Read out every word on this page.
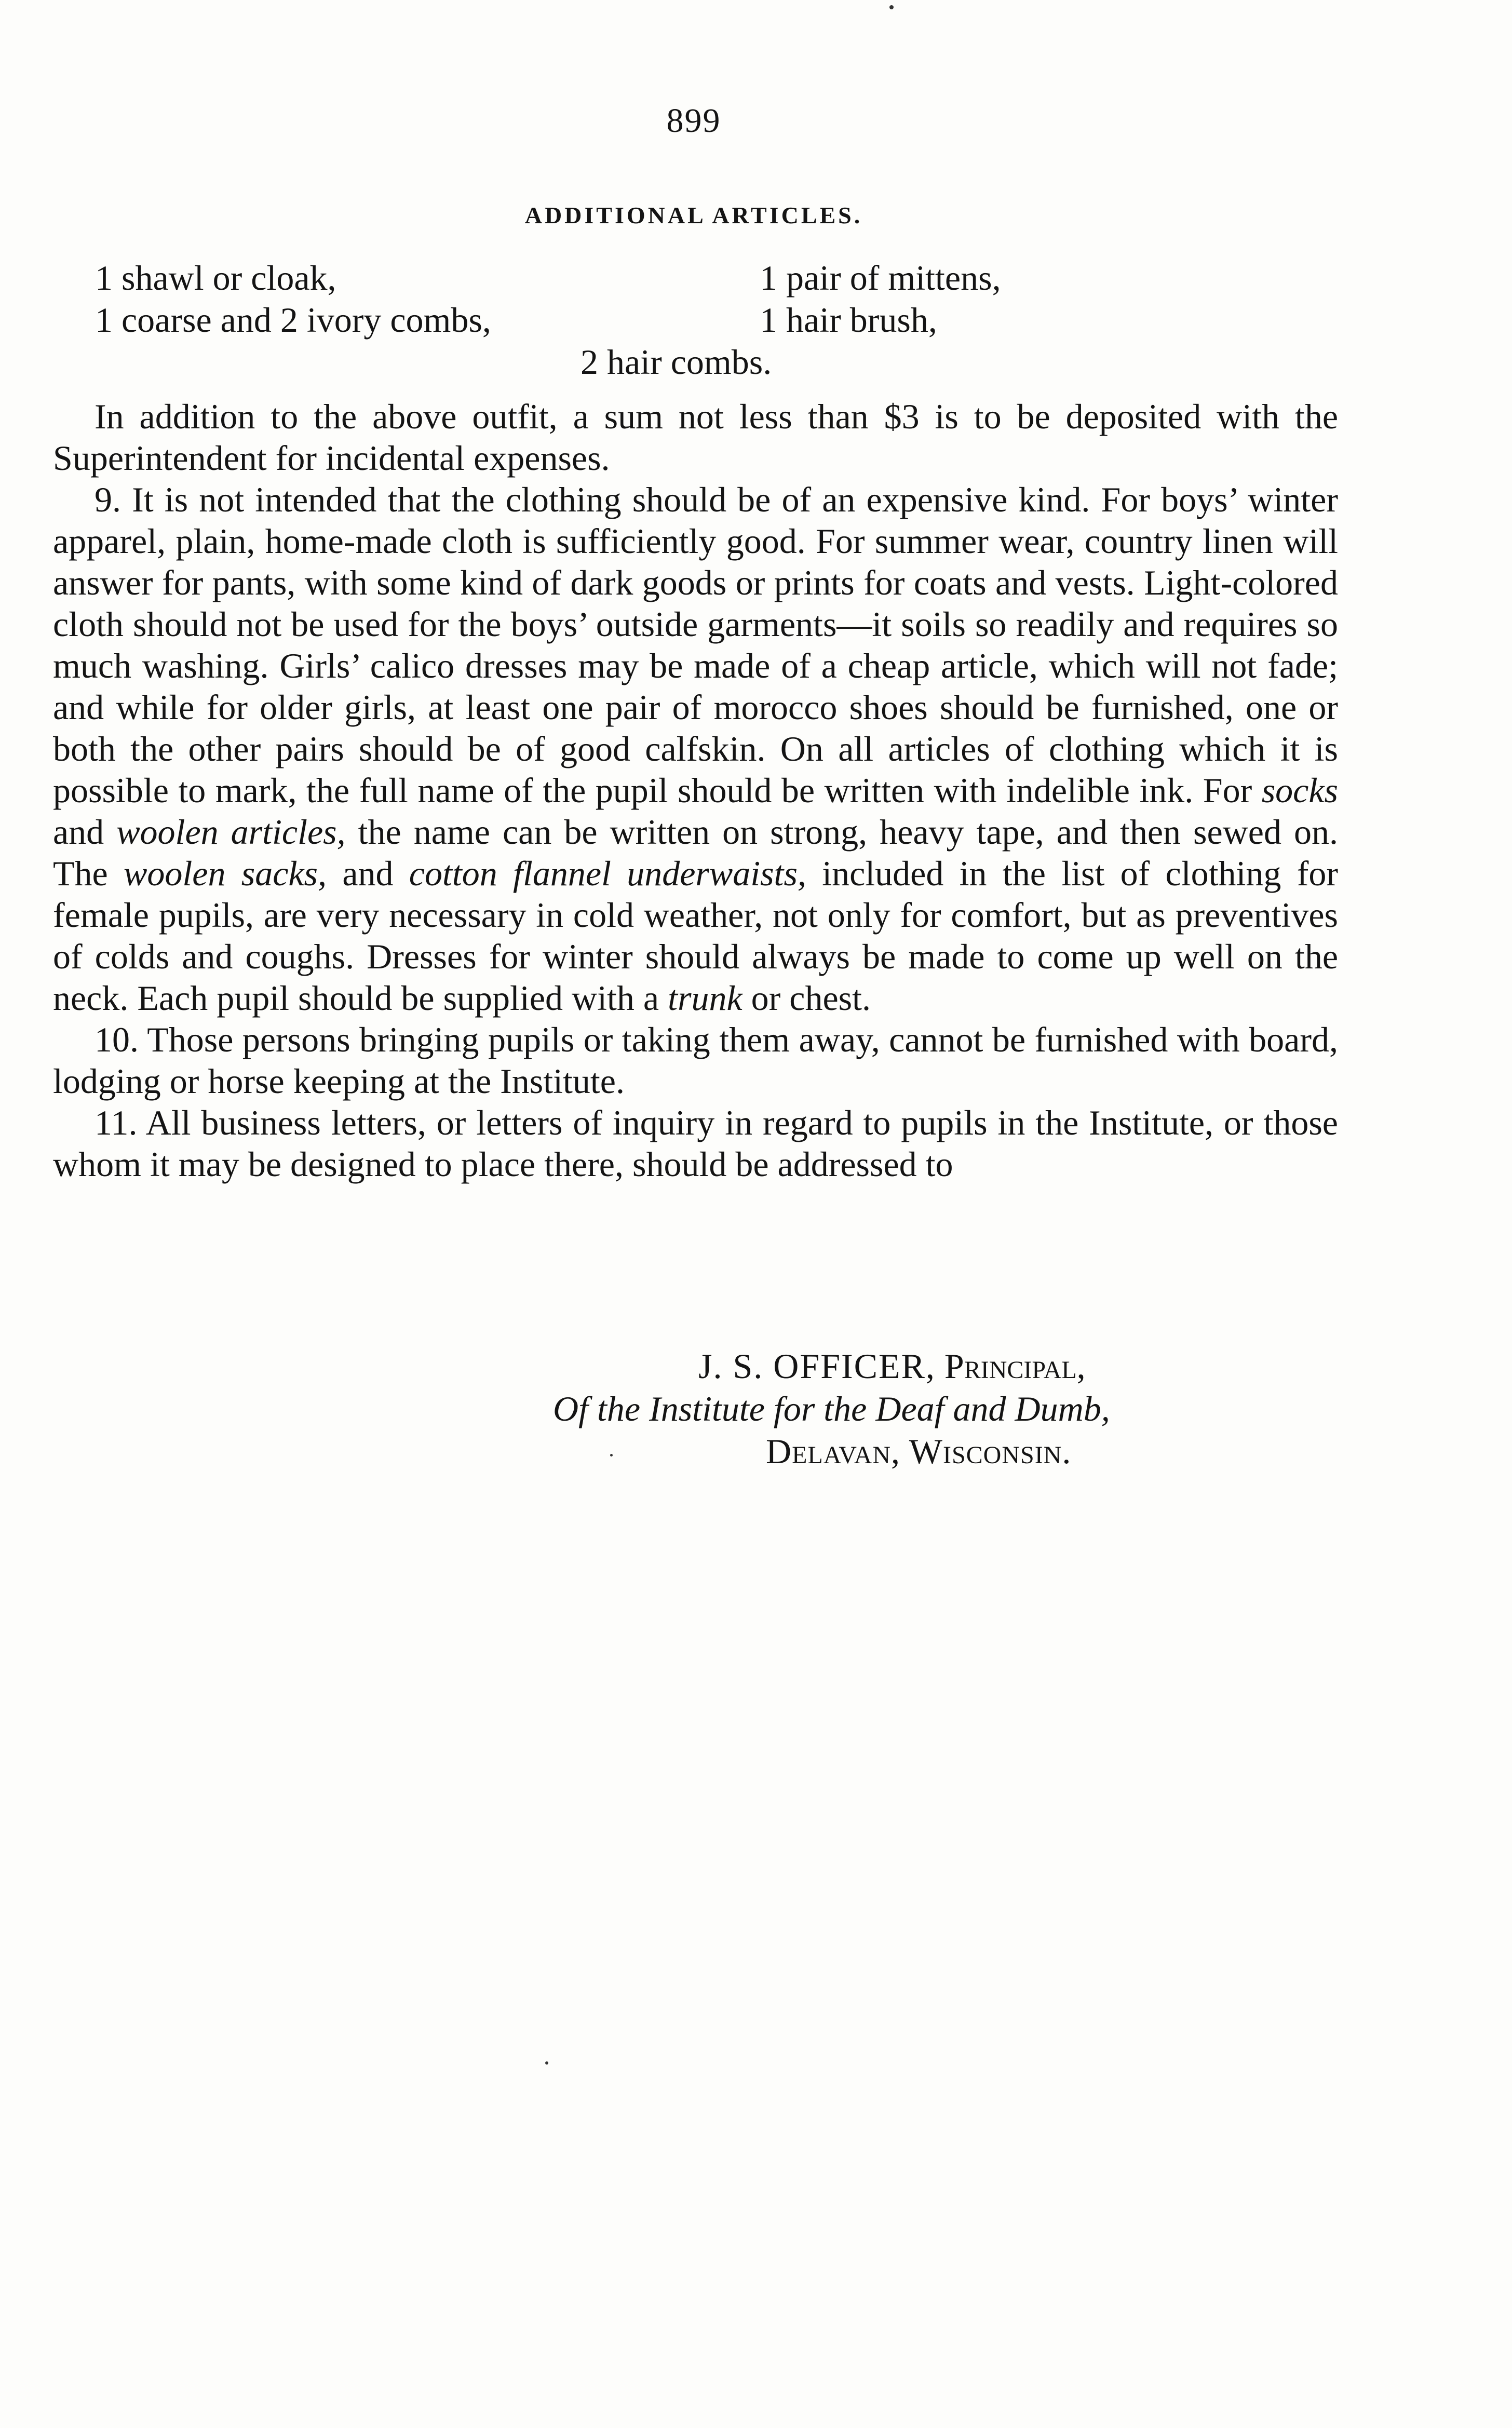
899
ADDITIONAL ARTICLES.
1 shawl or cloak,	1 pair of mittens,
1 coarse and 2 ivory combs,	1 hair brush,
2 hair combs.

In addition to the above outfit, a sum not less than $3 is to be deposited with the Superintendent for incidental expenses.

9. It is not intended that the clothing should be of an expensive kind. For boys’ winter apparel, plain, home-made cloth is sufficiently good. For summer wear, country linen will answer for pants, with some kind of dark goods or prints for coats and vests. Light-colored cloth should not be used for the boys’ outside garments—it soils so readily and requires so much washing. Girls’ calico dresses may be made of a cheap article, which will not fade; and while for older girls, at least one pair of morocco shoes should be furnished, one or both the other pairs should be of good calfskin. On all articles of clothing which it is possible to mark, the full name of the pupil should be written with indelible ink. For socks and woolen articles, the name can be written on strong, heavy tape, and then sewed on. The woolen sacks, and cotton flannel underwaists, included in the list of clothing for female pupils, are very necessary in cold weather, not only for comfort, but as preventives of colds and coughs. Dresses for winter should always be made to come up well on the neck. Each pupil should be supplied with a trunk or chest.

10. Those persons bringing pupils or taking them away, cannot be furnished with board, lodging or horse keeping at the Institute.

11. All business letters, or letters of inquiry in regard to pupils in the Institute, or those whom it may be designed to place there, should be addressed to

J. S. OFFICER, Principal,
Of the Institute for the Deaf and Dumb,
Delavan, Wisconsin.
